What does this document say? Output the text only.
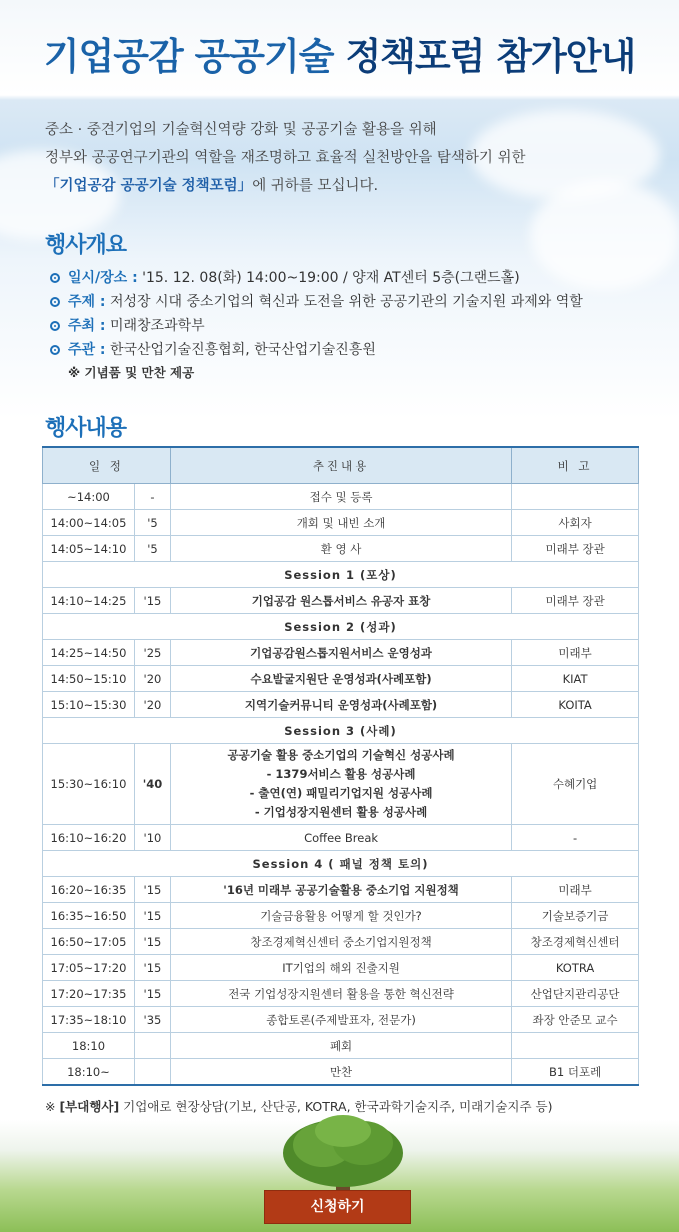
기업공감 공공기술 정책포럼 참가안내
중소 · 중견기업의 기술혁신역량 강화 및 공공기술 활용을 위해
정부와 공공연구기관의 역할을 재조명하고 효율적 실천방안을 탐색하기 위한
「기업공감 공공기술 정책포럼」에 귀하를 모십니다.
행사개요
일시/장소 : '15. 12. 08(화) 14:00~19:00 / 양재 AT센터 5층(그랜드홀)
주제 : 저성장 시대 중소기업의 혁신과 도전을 위한 공공기관의 기술지원 과제와 역할
주최 : 미래창조과학부
주관 : 한국산업기술진흥협회, 한국산업기술진흥원
※ 기념품 및 만찬 제공
행사내용
일 정		추진내용	비 고
~14:00	-	접수 및 등록	
14:00~14:05	'5	개회 및 내빈 소개	사회자
14:05~14:10	'5	환 영 사	미래부 장관
Session 1 (포상)			
14:10~14:25	'15	기업공감 원스톱서비스 유공자 표창	미래부 장관
Session 2 (성과)			
14:25~14:50	'25	기업공감원스톱지원서비스 운영성과	미래부
14:50~15:10	'20	수요발굴지원단 운영성과(사례포함)	KIAT
15:10~15:30	'20	지역기술커뮤니티 운영성과(사례포함)	KOITA
Session 3 (사례)			
15:30~16:10	'40	공공기술 활용 중소기업의 기술혁신 성공사례
- 1379서비스 활용 성공사례
- 출연(연) 패밀리기업지원 성공사례
- 기업성장지원센터 활용 성공사례	수혜기업
16:10~16:20	'10	Coffee Break	-
Session 4 ( 패널 정책 토의)			
16:20~16:35	'15	'16년 미래부 공공기술활용 중소기업 지원정책	미래부
16:35~16:50	'15	기술금융활용 어떻게 할 것인가?	기술보증기금
16:50~17:05	'15	창조경제혁신센터 중소기업지원정책	창조경제혁신센터
17:05~17:20	'15	IT기업의 해외 진출지원	KOTRA
17:20~17:35	'15	전국 기업성장지원센터 활용을 통한 혁신전략	산업단지관리공단
17:35~18:10	'35	종합토론(주제발표자, 전문가)	좌장 안준모 교수
18:10		폐회	
18:10~		만찬	B1 더포레
※ [부대행사] 기업애로 현장상담(기보, 산단공, KOTRA, 한국과학기술지주, 미래기술지주 등)
신청하기
